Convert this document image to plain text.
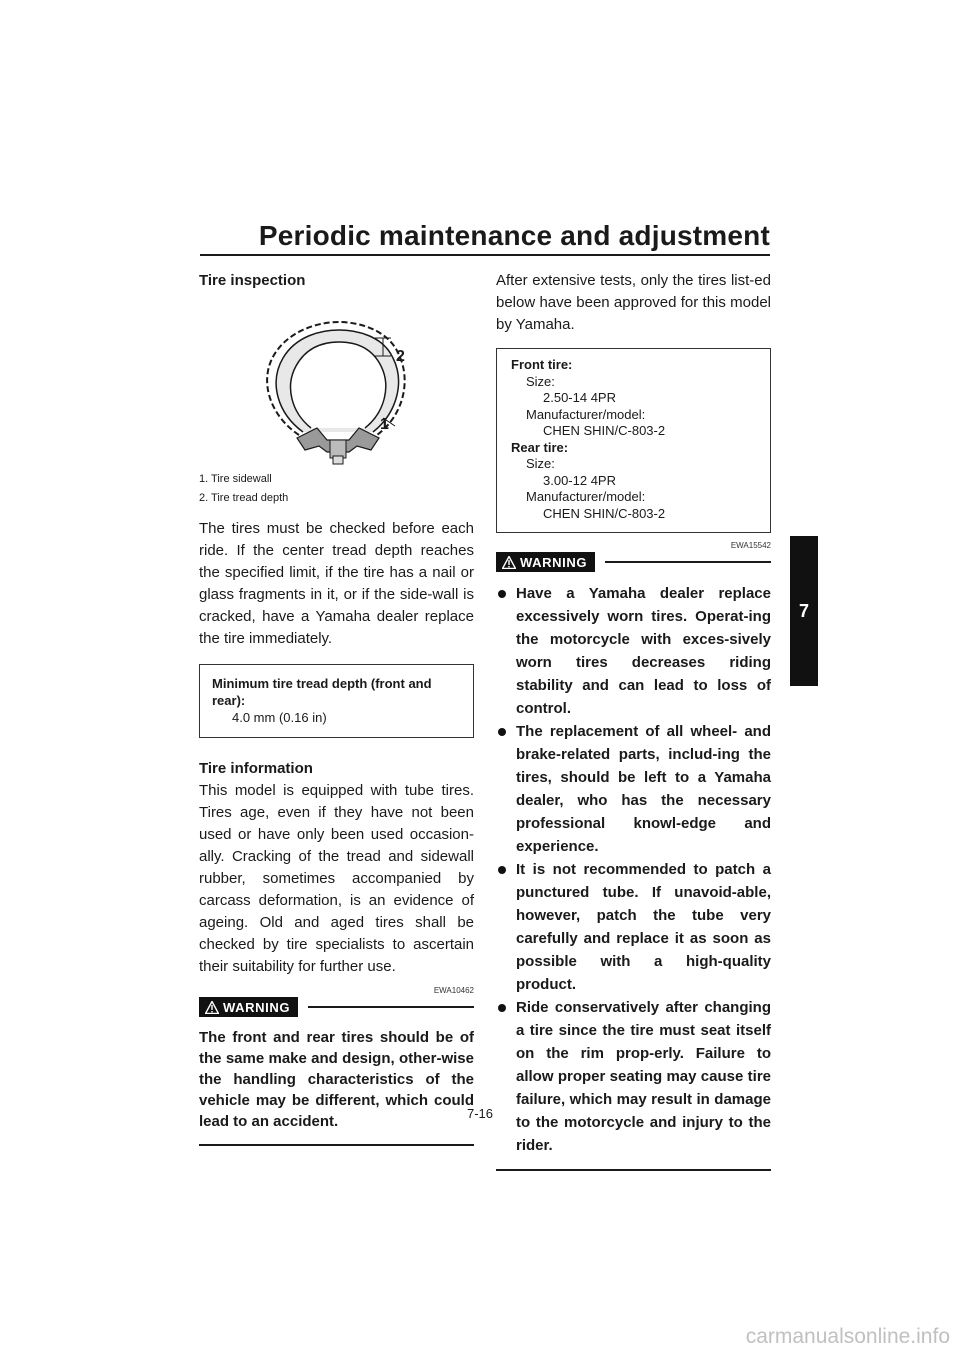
Periodic maintenance and adjustment
7

Tire inspection

2
1
1. Tire sidewall
2. Tire tread depth

The tires must be checked before each ride. If the center tread depth reaches the specified limit, if the tire has a nail or glass fragments in it, or if the side-wall is cracked, have a Yamaha dealer replace the tire immediately.

Minimum tire tread depth (front and rear):
4.0 mm (0.16 in)

Tire information

This model is equipped with tube tires. Tires age, even if they have not been used or have only been used occasion-ally. Cracking of the tread and sidewall rubber, sometimes accompanied by carcass deformation, is an evidence of ageing. Old and aged tires shall be checked by tire specialists to ascertain their suitability for further use.

EWA10462
WARNING
The front and rear tires should be of the same make and design, other-wise the handling characteristics of the vehicle may be different, which could lead to an accident.

After extensive tests, only the tires list-ed below have been approved for this model by Yamaha.

Front tire:
Size:
2.50-14 4PR
Manufacturer/model:
CHEN SHIN/C-803-2
Rear tire:
Size:
3.00-12 4PR
Manufacturer/model:
CHEN SHIN/C-803-2
EWA15542
WARNING
Have a Yamaha dealer replace excessively worn tires. Operat-ing the motorcycle with exces-sively worn tires decreases riding stability and can lead to loss of control.
The replacement of all wheel- and brake-related parts, includ-ing the tires, should be left to a Yamaha dealer, who has the necessary professional knowl-edge and experience.
It is not recommended to patch a punctured tube. If unavoid-able, however, patch the tube very carefully and replace it as soon as possible with a high-quality product.
Ride conservatively after changing a tire since the tire must seat itself on the rim prop-erly. Failure to allow proper seating may cause tire failure, which may result in damage to the motorcycle and injury to the rider.
7-16
carmanualsonline.info
